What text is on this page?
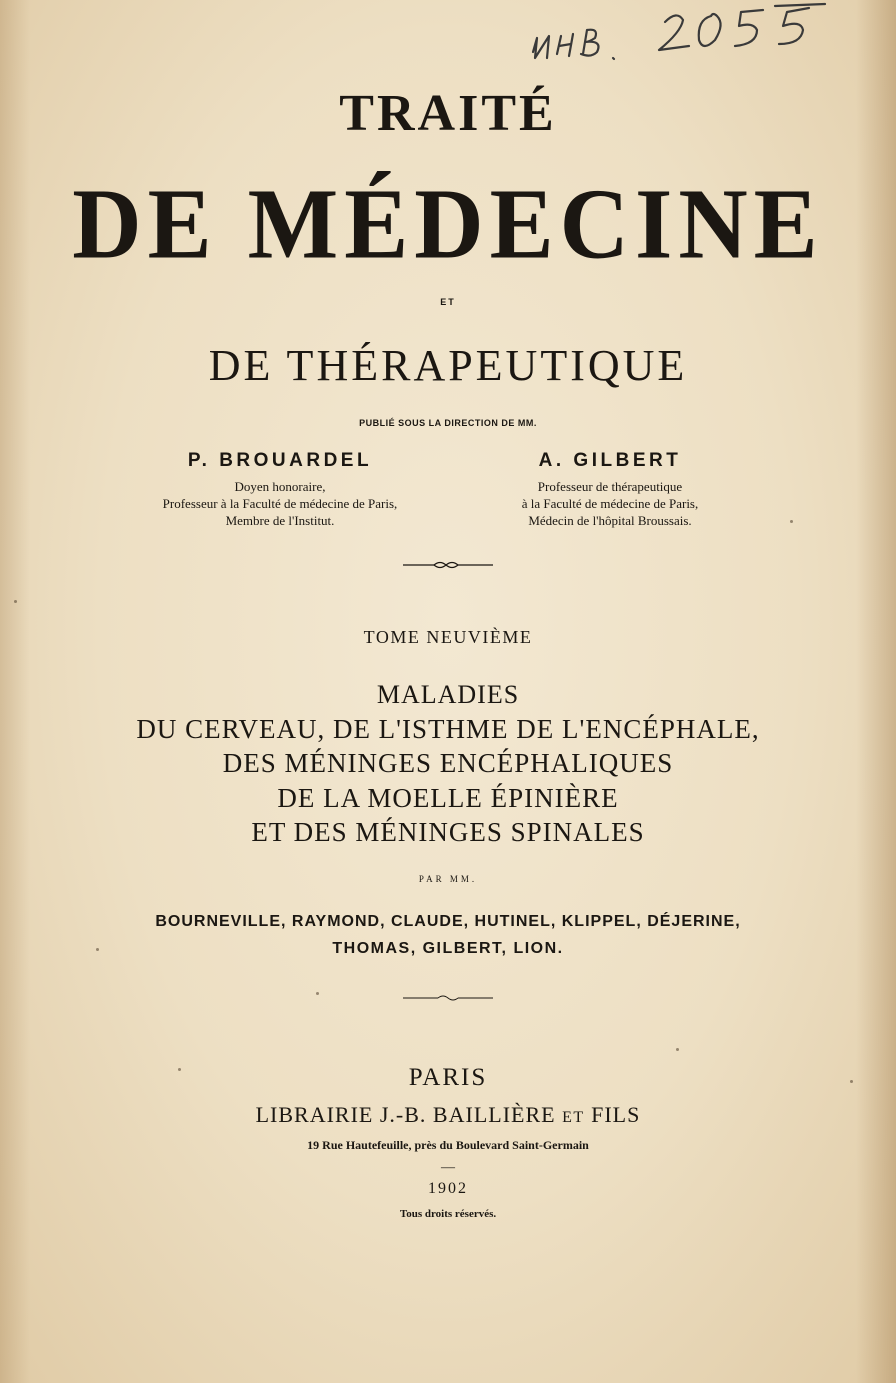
TRAITÉ
DE MÉDECINE
ET
DE THÉRAPEUTIQUE
PUBLIÉ SOUS LA DIRECTION DE MM.
P. BROUARDEL
Doyen honoraire,
Professeur à la Faculté de médecine de Paris,
Membre de l'Institut.
A. GILBERT
Professeur de thérapeutique
à la Faculté de médecine de Paris,
Médecin de l'hôpital Broussais.
TOME NEUVIÈME
MALADIES
DU CERVEAU, DE L'ISTHME DE L'ENCÉPHALE,
DES MÉNINGES ENCÉPHALIQUES
DE LA MOELLE ÉPINIÈRE
ET DES MÉNINGES SPINALES
PAR MM.
BOURNEVILLE, RAYMOND, CLAUDE, HUTINEL, KLIPPEL, DÉJERINE,
THOMAS, GILBERT, LION.
PARIS
LIBRAIRIE J.-B. BAILLIÈRE ET FILS
19 Rue Hautefeuille, près du Boulevard Saint-Germain
—
1902
Tous droits réservés.
